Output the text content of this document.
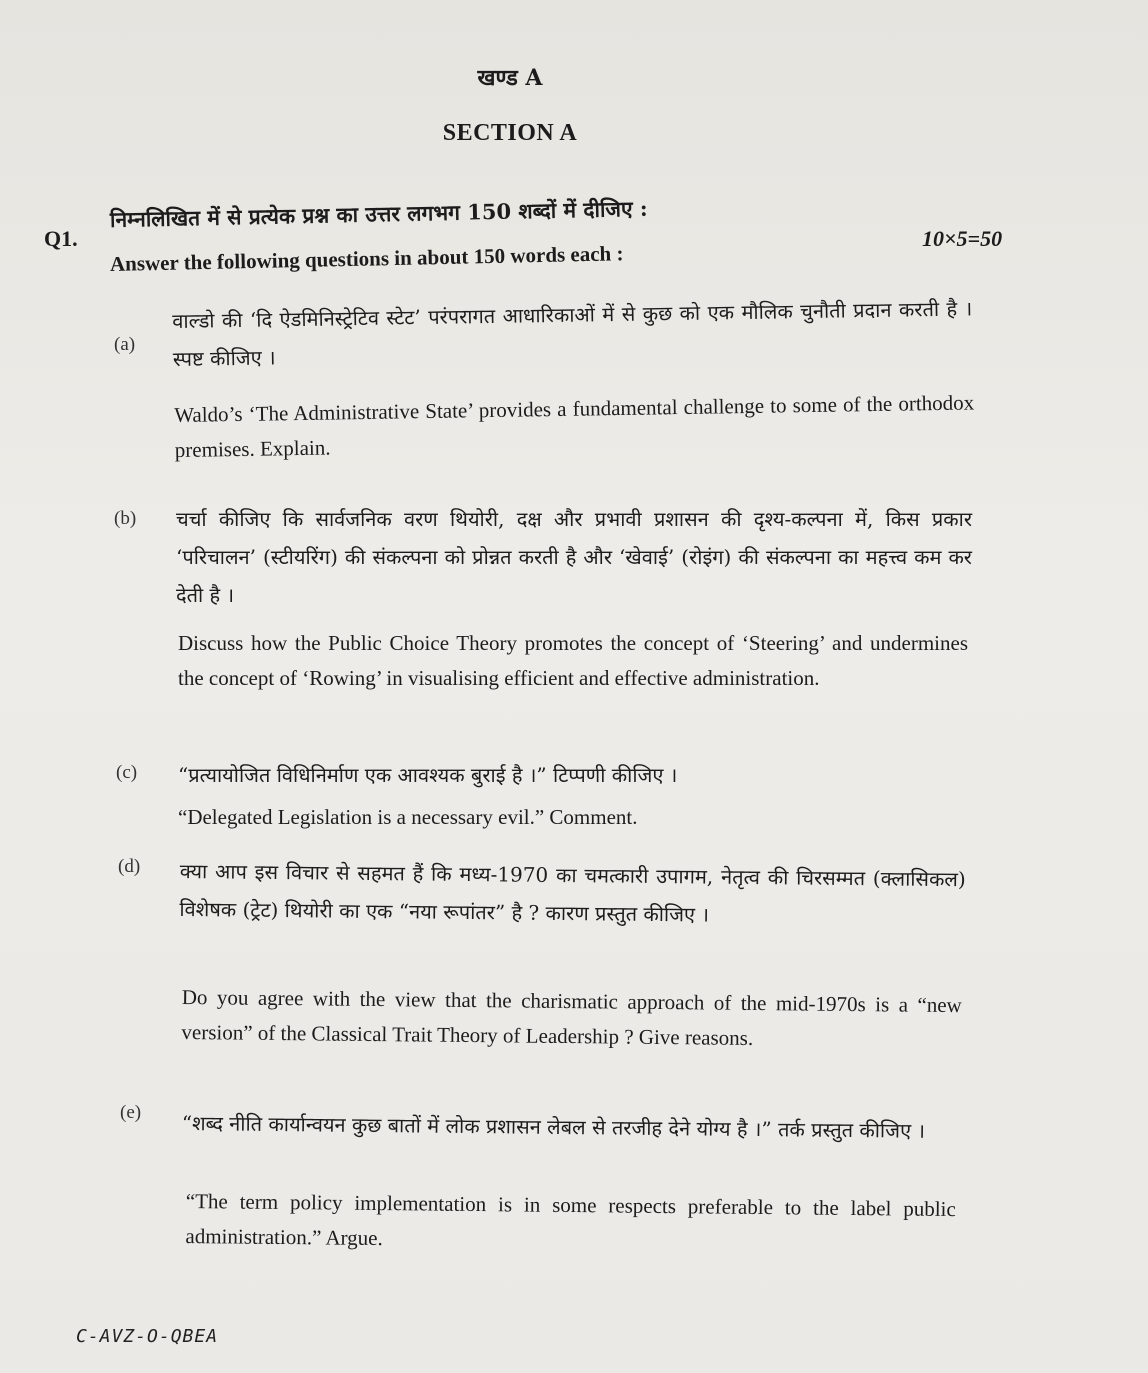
खण्ड A
SECTION A
Q1.
निम्नलिखित में से प्रत्येक प्रश्न का उत्तर लगभग 150 शब्दों में दीजिए :
Answer the following questions in about 150 words each :
10×5=50
(a)
वाल्डो की ‘दि ऐडमिनिस्ट्रेटिव स्टेट’ परंपरागत आधारिकाओं में से कुछ को एक मौलिक चुनौती प्रदान करती है । स्पष्ट कीजिए ।
Waldo’s ‘The Administrative State’ provides a fundamental challenge to some of the orthodox premises. Explain.
(b) चर्चा कीजिए कि सार्वजनिक वरण थियोरी, दक्ष और प्रभावी प्रशासन की दृश्य-कल्पना में, किस प्रकार ‘परिचालन’ (स्टीयरिंग) की संकल्पना को प्रोन्नत करती है और ‘खेवाई’ (रोइंग) की संकल्पना का महत्त्व कम कर देती है ।
Discuss how the Public Choice Theory promotes the concept of ‘Steering’ and undermines the concept of ‘Rowing’ in visualising efficient and effective administration.
(c) “प्रत्यायोजित विधिनिर्माण एक आवश्यक बुराई है ।” टिप्पणी कीजिए ।
“Delegated Legislation is a necessary evil.” Comment.
(d) क्या आप इस विचार से सहमत हैं कि मध्य-1970 का चमत्कारी उपागम, नेतृत्व की चिरसम्मत (क्लासिकल) विशेषक (ट्रेट) थियोरी का एक “नया रूपांतर” है ? कारण प्रस्तुत कीजिए ।
Do you agree with the view that the charismatic approach of the mid-1970s is a “new version” of the Classical Trait Theory of Leadership ? Give reasons.
(e) “शब्द नीति कार्यान्वयन कुछ बातों में लोक प्रशासन लेबल से तरजीह देने योग्य है ।” तर्क प्रस्तुत कीजिए ।
“The term policy implementation is in some respects preferable to the label public administration.” Argue.
C-AVZ-O-QBEA
